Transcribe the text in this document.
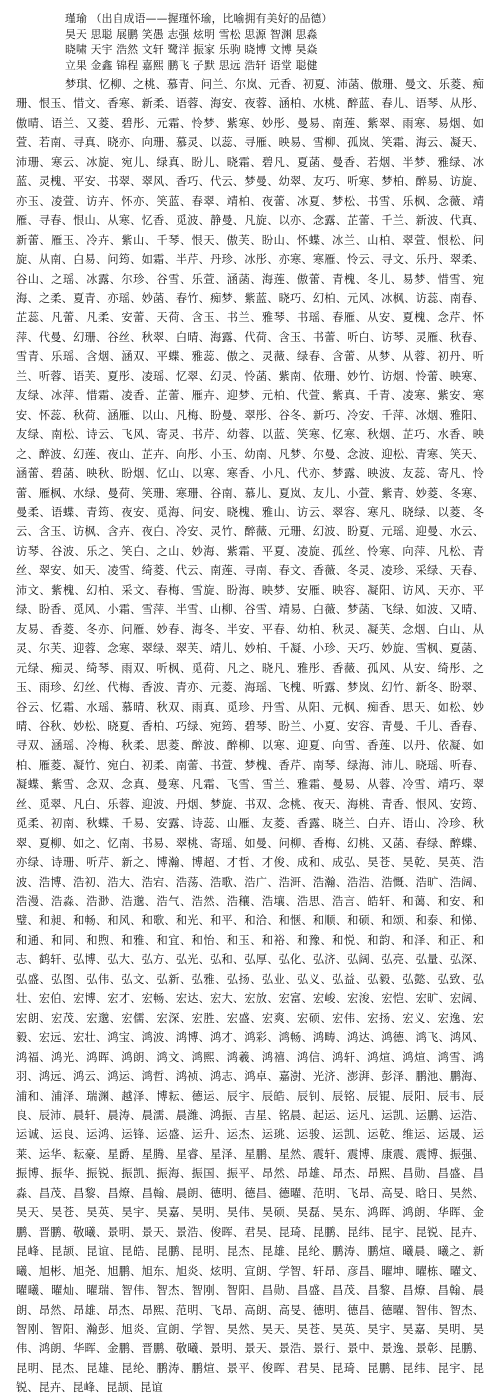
瑾瑜 （出自成语——握瑾怀瑜，比喻拥有美好的品德）
昊天 思聪 展鹏 笑愚 志强 炫明 雪松 思源 智渊 思淼
晓啸 天宇 浩然 文轩 鹭洋 振家 乐驹 晓博 文博 昊焱
立果 金鑫 锦程 嘉熙 鹏飞 子默 思远 浩轩 语堂 聪健
梦琪、忆柳、之桃、慕青、问兰、尔岚、元香、初夏、沛菡、傲珊、曼文、乐菱、痴珊、恨玉、惜文、香寒、新柔、语蓉、海安、夜蓉、涵柏、水桃、醉蓝、春儿、语琴、从彤、傲晴、语兰、又菱、碧彤、元霜、怜梦、紫寒、妙彤、曼易、南莲、紫翠、雨寒、易烟、如萱、若南、寻真、晓亦、向珊、慕灵、以蕊、寻雁、映易、雪柳、孤岚、笑霜、海云、凝天、沛珊、寒云、冰旋、宛儿、绿真、盼儿、晓霜、碧凡、夏菡、曼香、若烟、半梦、雅绿、冰蓝、灵槐、平安、书翠、翠风、香巧、代云、梦曼、幼翠、友巧、听寒、梦柏、醉易、访旋、亦玉、凌萱、访卉、怀亦、笑蓝、春翠、靖柏、夜蕾、冰夏、梦松、书雪、乐枫、念薇、靖雁、寻春、恨山、从寒、忆香、觅波、静曼、凡旋、以亦、念露、芷蕾、千兰、新波、代真、新蕾、雁玉、冷卉、紫山、千琴、恨天、傲芙、盼山、怀蝶、冰兰、山柏、翠萱、恨松、问旋、从南、白易、问筠、如霜、半芹、丹珍、冰彤、亦寒、寒雁、怜云、寻文、乐丹、翠柔、谷山、之瑶、冰露、尔珍、谷雪、乐萱、涵菡、海莲、傲蕾、青槐、冬儿、易梦、惜雪、宛海、之柔、夏青、亦瑶、妙菡、春竹、痴梦、紫蓝、晓巧、幻柏、元风、冰枫、访蕊、南春、芷蕊、凡蕾、凡柔、安蕾、天荷、含玉、书兰、雅琴、书瑶、春雁、从安、夏槐、念芹、怀萍、代曼、幻珊、谷丝、秋翠、白晴、海露、代荷、含玉、书蕾、听白、访琴、灵雁、秋春、雪青、乐瑶、含烟、涵双、平蝶、雅蕊、傲之、灵薇、绿春、含蕾、从梦、从蓉、初丹、听兰、听蓉、语芙、夏彤、凌瑶、忆翠、幻灵、怜菡、紫南、依珊、妙竹、访烟、怜蕾、映寒、友绿、冰萍、惜霜、凌香、芷蕾、雁卉、迎梦、元柏、代萱、紫真、千青、凌寒、紫安、寒安、怀蕊、秋荷、涵雁、以山、凡梅、盼曼、翠彤、谷冬、新巧、冷安、千萍、冰烟、雅阳、友绿、南松、诗云、飞风、寄灵、书芹、幼蓉、以蓝、笑寒、忆寒、秋烟、芷巧、水香、映之、醉波、幻莲、夜山、芷卉、向彤、小玉、幼南、凡梦、尔曼、念波、迎松、青寒、笑天、涵蕾、碧菡、映秋、盼烟、忆山、以寒、寒香、小凡、代亦、梦露、映波、友蕊、寄凡、怜蕾、雁枫、水绿、曼荷、笑珊、寒珊、谷南、慕儿、夏岚、友儿、小萱、紫青、妙菱、冬寒、曼柔、语蝶、青筠、夜安、觅海、问安、晓槐、雅山、访云、翠容、寒凡、晓绿、以菱、冬云、含玉、访枫、含卉、夜白、冷安、灵竹、醉薇、元珊、幻波、盼夏、元瑶、迎曼、水云、访琴、谷波、乐之、笑白、之山、妙海、紫霜、平夏、凌旋、孤丝、怜寒、向萍、凡松、青丝、翠安、如天、凌雪、绮菱、代云、南莲、寻南、春文、香薇、冬灵、凌珍、采绿、天春、沛文、紫槐、幻柏、采文、春梅、雪旋、盼海、映梦、安雁、映容、凝阳、访风、天亦、平绿、盼香、觅风、小霜、雪萍、半雪、山柳、谷雪、靖易、白薇、梦菡、飞绿、如波、又晴、友易、香菱、冬亦、问雁、妙春、海冬、半安、平春、幼柏、秋灵、凝芙、念烟、白山、从灵、尔芙、迎蓉、念寒、翠绿、翠芙、靖儿、妙柏、千凝、小珍、天巧、妙旋、雪枫、夏菡、元绿、痴灵、绮琴、雨双、听枫、觅荷、凡之、晓凡、雅彤、香薇、孤风、从安、绮彤、之玉、雨珍、幻丝、代梅、香波、青亦、元菱、海瑶、飞槐、听露、梦岚、幻竹、新冬、盼翠、谷云、忆霜、水瑶、慕晴、秋双、雨真、觅珍、丹雪、从阳、元枫、痴香、思天、如松、妙晴、谷秋、妙松、晓夏、香柏、巧绿、宛筠、碧琴、盼兰、小夏、安容、青曼、千儿、香春、寻双、涵瑶、冷梅、秋柔、思菱、醉波、醉柳、以寒、迎夏、向雪、香莲、以丹、依凝、如柏、雁菱、凝竹、宛白、初柔、南蕾、书萱、梦槐、香芹、南琴、绿海、沛儿、晓瑶、听春、凝蝶、紫雪、念双、念真、曼寒、凡霜、飞雪、雪兰、雅霜、曼易、从蓉、冷雪、靖巧、翠丝、觅翠、凡白、乐蓉、迎波、丹烟、梦旋、书双、念桃、夜天、海桃、青香、恨风、安筠、觅柔、初南、秋蝶、千易、安露、诗蕊、山雁、友菱、香露、晓兰、白卉、语山、冷珍、秋翠、夏柳、如之、忆南、书易、翠桃、寄瑶、如曼、问柳、香梅、幻桃、又菡、春绿、醉蝶、亦绿、诗珊、听芹、新之、博瀚、博超、才哲、才俊、成和、成弘、昊苍、昊乾、昊英、浩波、浩博、浩初、浩大、浩宕、浩荡、浩歌、浩广、浩涆、浩瀚、浩浩、浩慨、浩旷、浩阔、浩漫、浩淼、浩渺、浩邈、浩气、浩然、浩穰、浩壤、浩思、浩言、皓轩、和蔼、和安、和璧、和昶、和畅、和风、和歌、和光、和平、和洽、和惬、和顺、和硕、和颂、和泰、和悌、和通、和同、和煦、和雅、和宜、和怡、和玉、和裕、和豫、和悦、和韵、和泽、和正、和志、鹤轩、弘博、弘大、弘方、弘光、弘和、弘厚、弘化、弘济、弘阔、弘亮、弘量、弘深、弘盛、弘图、弘伟、弘文、弘新、弘雅、弘扬、弘业、弘义、弘益、弘毅、弘懿、弘致、弘壮、宏伯、宏博、宏才、宏畅、宏达、宏大、宏放、宏富、宏峻、宏浚、宏恺、宏旷、宏阔、宏朗、宏茂、宏邈、宏儒、宏深、宏胜、宏盛、宏爽、宏硕、宏伟、宏扬、宏义、宏逸、宏毅、宏远、宏壮、鸿宝、鸿波、鸿博、鸿才、鸿彩、鸿畅、鸿畴、鸿达、鸿德、鸿飞、鸿风、鸿福、鸿光、鸿晖、鸿朗、鸿文、鸿熙、鸿羲、鸿禧、鸿信、鸿轩、鸿煊、鸿煊、鸿雪、鸿羽、鸿远、鸿云、鸿运、鸿哲、鸿祯、鸿志、鸿卓、嘉澍、光济、澎湃、彭泽、鹏池、鹏海、浦和、浦泽、瑞渊、越泽、博耘、德运、辰宇、辰皓、辰钊、辰铭、辰锟、辰阳、辰韦、辰良、辰沛、晨轩、晨涛、晨濡、晨潍、鸿振、吉星、铭晨、起运、运凡、运凯、运鹏、运浩、运诚、运良、运鸿、运锋、运盛、运升、运杰、运珧、运骏、运凯、运乾、维运、运晟、运莱、运华、耘豪、星爵、星腾、星睿、星泽、星鹏、星然、震轩、震博、康震、震博、振强、振博、振华、振锐、振凯、振海、振国、振平、昂然、昂雄、昂杰、昂熙、昌勋、昌盛、昌淼、昌茂、昌黎、昌燎、昌翰、晨朗、德明、德昌、德曜、范明、飞昂、高旻、晗日、昊然、昊天、昊苍、昊英、昊宇、昊嘉、昊明、昊伟、昊硕、昊磊、昊东、鸿晖、鸿朗、华晖、金鹏、晋鹏、敬曦、景明、景天、景浩、俊晖、君昊、昆琦、昆鹏、昆纬、昆宇、昆锐、昆卉、昆峰、昆颉、昆谊、昆皓、昆鹏、昆明、昆杰、昆雄、昆纶、鹏涛、鹏煊、曦晨、曦之、新曦、旭彬、旭尧、旭鹏、旭东、旭炎、炫明、宣朗、学智、轩昂、彦昌、曜坤、曜栋、曜文、曜曦、曜灿、曜瑞、智伟、智杰、智刚、智阳、昌勋、昌盛、昌茂、昌黎、昌燎、昌翰、晨朗、昂然、昂雄、昂杰、昂熙、范明、飞昂、高朗、高旻、德明、德昌、德曜、智伟、智杰、智刚、智阳、瀚彭、旭炎、宣朗、学智、昊然、昊天、昊苍、昊英、昊宇、昊嘉、昊明、昊伟、鸿朗、华晖、金鹏、晋鹏、敬曦、景明、景天、景浩、景行、景中、景逸、景彰、昆鹏、昆明、昆杰、昆雄、昆纶、鹏涛、鹏煊、景平、俊晖、君昊、昆琦、昆鹏、昆纬、昆宇、昆锐、昆卉、昆峰、昆颉、昆谊
